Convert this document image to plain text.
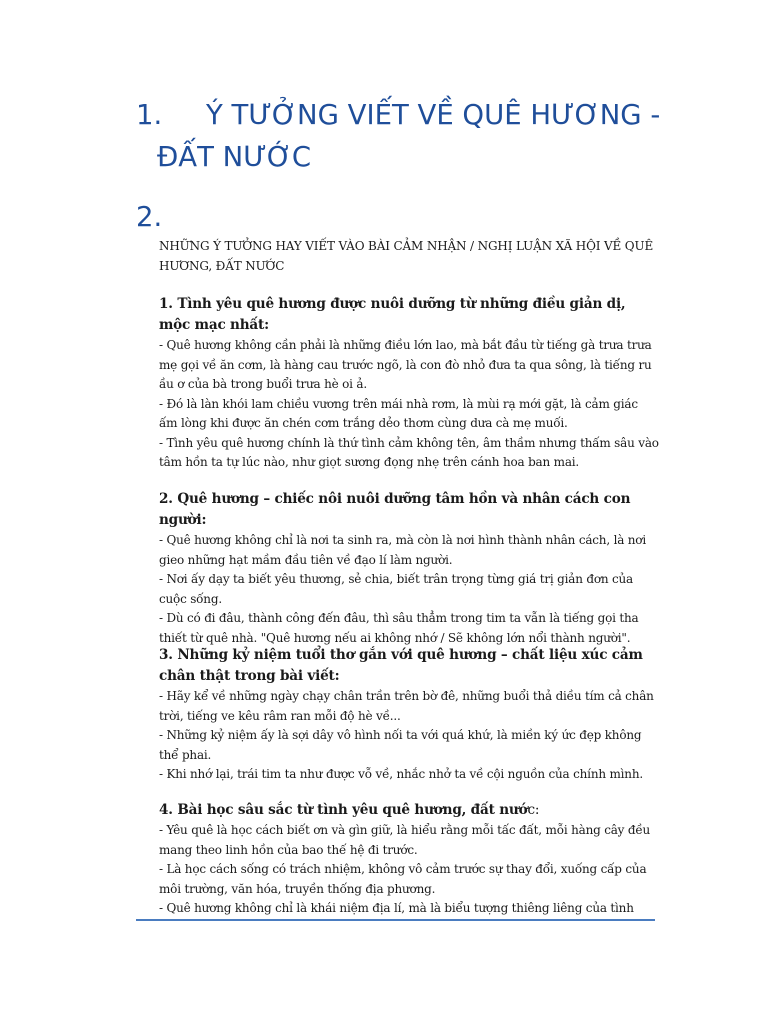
1. Ý TƯỞNG VIẾT VỀ QUÊ HƯƠNG -
ĐẤT NƯỚC
2.
NHỮNG Ý TƯỞNG HAY VIẾT VÀO BÀI CẢM NHẬN / NGHỊ LUẬN XÃ HỘI VỀ QUÊ HƯƠNG, ĐẤT NƯỚC
1. Tình yêu quê hương được nuôi dưỡng từ những điều giản dị, mộc mạc nhất:
- Quê hương không cần phải là những điều lớn lao, mà bắt đầu từ tiếng gà trưa trưa mẹ gọi về ăn cơm, là hàng cau trước ngõ, là con đò nhỏ đưa ta qua sông, là tiếng ru ầu ơ của bà trong buổi trưa hè oi ả.
- Đó là làn khói lam chiều vương trên mái nhà rơm, là mùi rạ mới gặt, là cảm giác ấm lòng khi được ăn chén cơm trắng dẻo thơm cùng dưa cà mẹ muối.
- Tình yêu quê hương chính là thứ tình cảm không tên, âm thầm nhưng thấm sâu vào tâm hồn ta tự lúc nào, như giọt sương đọng nhẹ trên cánh hoa ban mai.
2. Quê hương – chiếc nôi nuôi dưỡng tâm hồn và nhân cách con người:
- Quê hương không chỉ là nơi ta sinh ra, mà còn là nơi hình thành nhân cách, là nơi gieo những hạt mầm đầu tiên về đạo lí làm người.
- Nơi ấy dạy ta biết yêu thương, sẻ chia, biết trân trọng từng giá trị giản đơn của cuộc sống.
- Dù có đi đâu, thành công đến đâu, thì sâu thẳm trong tim ta vẫn là tiếng gọi tha thiết từ quê nhà. "Quê hương nếu ai không nhớ / Sẽ không lớn nổi thành người".
3. Những kỷ niệm tuổi thơ gắn với quê hương – chất liệu xúc cảm chân thật trong bài viết:
- Hãy kể về những ngày chạy chân trần trên bờ đê, những buổi thả diều tím cả chân trời, tiếng ve kêu râm ran mỗi độ hè về...
- Những kỷ niệm ấy là sợi dây vô hình nối ta với quá khứ, là miền ký ức đẹp không thể phai.
- Khi nhớ lại, trái tim ta như được vỗ về, nhắc nhở ta về cội nguồn của chính mình.
4. Bài học sâu sắc từ tình yêu quê hương, đất nước:
- Yêu quê là học cách biết ơn và gìn giữ, là hiểu rằng mỗi tấc đất, mỗi hàng cây đều mang theo linh hồn của bao thế hệ đi trước.
- Là học cách sống có trách nhiệm, không vô cảm trước sự thay đổi, xuống cấp của môi trường, văn hóa, truyền thống địa phương.
- Quê hương không chỉ là khái niệm địa lí, mà là biểu tượng thiêng liêng của tình
